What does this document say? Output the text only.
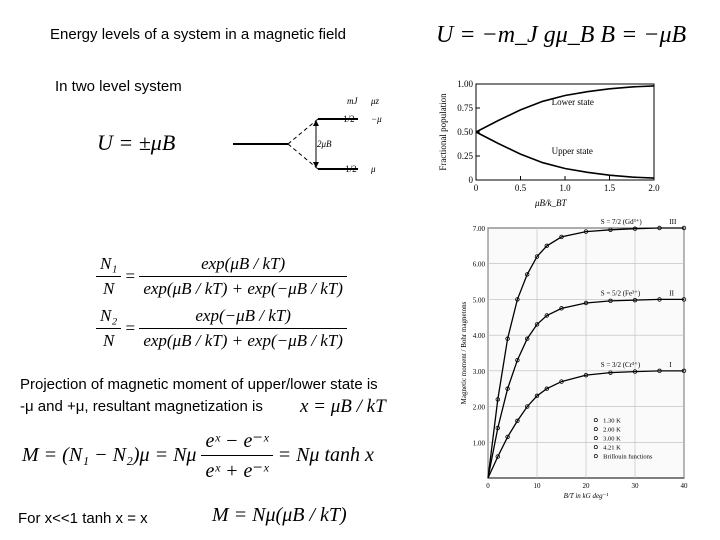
Energy levels of a system in a magnetic field	U = −m_J gμ_B B = −μB
In two level system
U = ±μB	2μB
mJ μz
1/2 −μ
−1/2 μ
$\frac{\text{N₁}}{N} = \frac{\exp(\mu B / kT)}{\exp(\mu B / kT) + \exp(-\mu B / kT)}$
$\frac{\text{N₂}}{N} = \frac{\exp(-\mu B / kT)}{\exp(\mu B / kT) + \exp(-\mu B / kT)}$
Projection of magnetic moment of upper/lower state is
-μ and +μ, resultant magnetization is x = μB / kT
M = (N₁ − N₂)μ = Nμ $\frac{\text{eˣ − e⁻ˣ}}{\text{eˣ + e⁻ˣ}} = N\mu$ tanh x
For x<<1 tanh x = x	M = Nμ(μB / kT)
0
0.25
0.50
0.75
1.00
0	0.5	1.0	1.5	2.0
μB/k_BT
Fractional population	Lower state
Upper state
1.00
2.00
3.00
4.00
5.00
6.00
7.00
0	10	20	30	40
B/T in kG deg⁻¹
Magnetic moment / Bohr magnetons
S = 7/2 (Gd³⁺)	III
S = 5/2 (Fe³⁺)	II
S = 3/2 (Cr³⁺)	I
1.30 K
2.00 K
3.00 K
4.21 K
Brillouin functions
